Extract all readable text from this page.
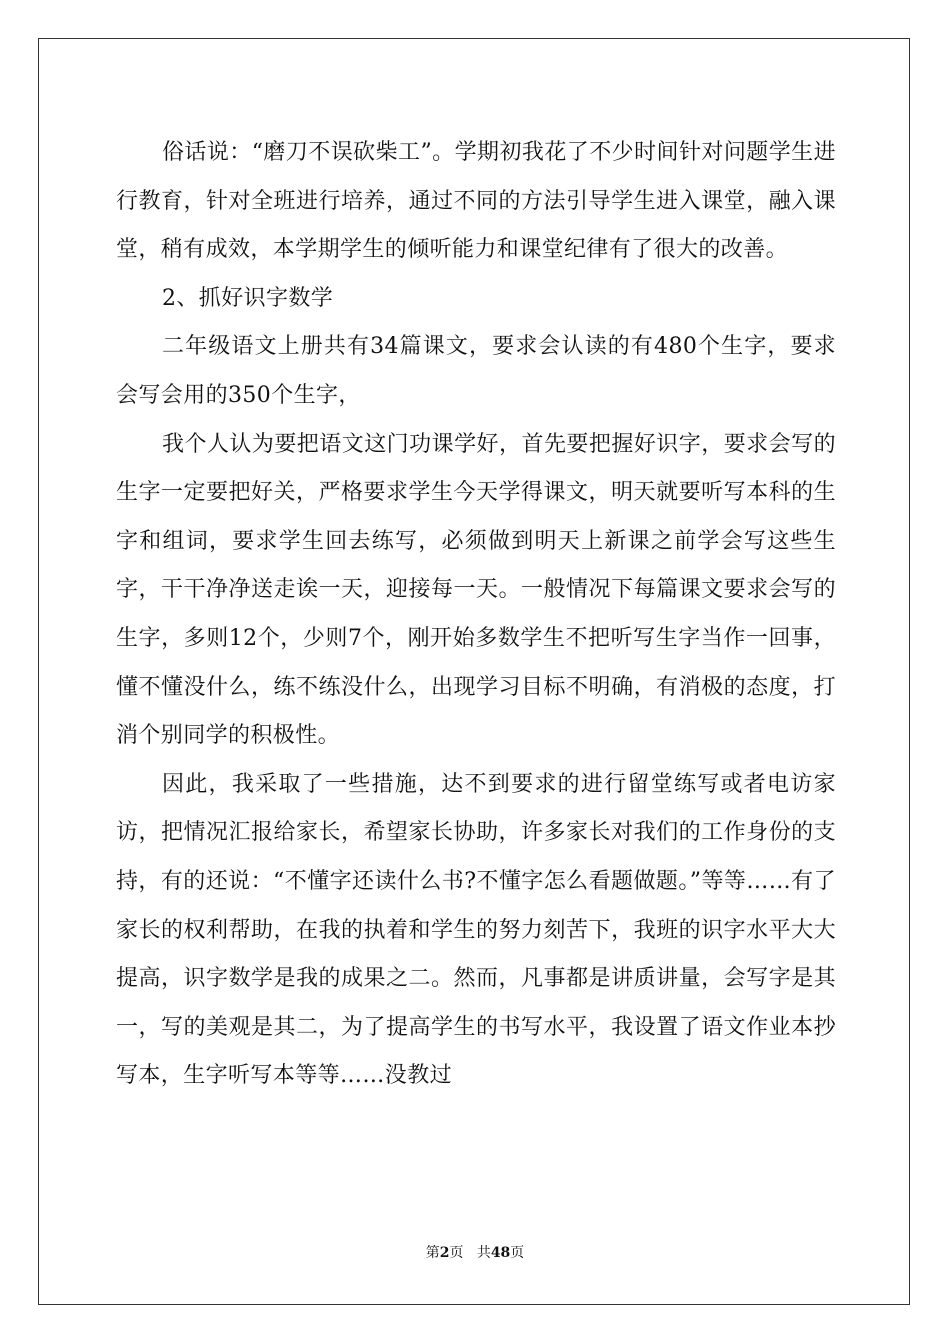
俗话说：“磨刀不误砍柴工”。学期初我花了不少时间针对问题学生进行教育，针对全班进行培养，通过不同的方法引导学生进入课堂，融入课堂，稍有成效，本学期学生的倾听能力和课堂纪律有了很大的改善。

2、抓好识字数学

二年级语文上册共有34篇课文，要求会认读的有480个生字，要求会写会用的350个生字，

我个人认为要把语文这门功课学好，首先要把握好识字，要求会写的生字一定要把好关，严格要求学生今天学得课文，明天就要听写本科的生字和组词，要求学生回去练写，必须做到明天上新课之前学会写这些生字，干干净净送走诶一天，迎接每一天。一般情况下每篇课文要求会写的生字，多则12个，少则7个，刚开始多数学生不把听写生字当作一回事，懂不懂没什么，练不练没什么，出现学习目标不明确，有消极的态度，打消个别同学的积极性。

因此，我采取了一些措施，达不到要求的进行留堂练写或者电访家访，把情况汇报给家长，希望家长协助，许多家长对我们的工作身份的支持，有的还说：“不懂字还读什么书?不懂字怎么看题做题。”等等……有了家长的权利帮助，在我的执着和学生的努力刻苦下，我班的识字水平大大提高，识字数学是我的成果之二。然而，凡事都是讲质讲量，会写字是其一，写的美观是其二，为了提高学生的书写水平，我设置了语文作业本抄写本，生字听写本等等……没教过

第2页 共48页
